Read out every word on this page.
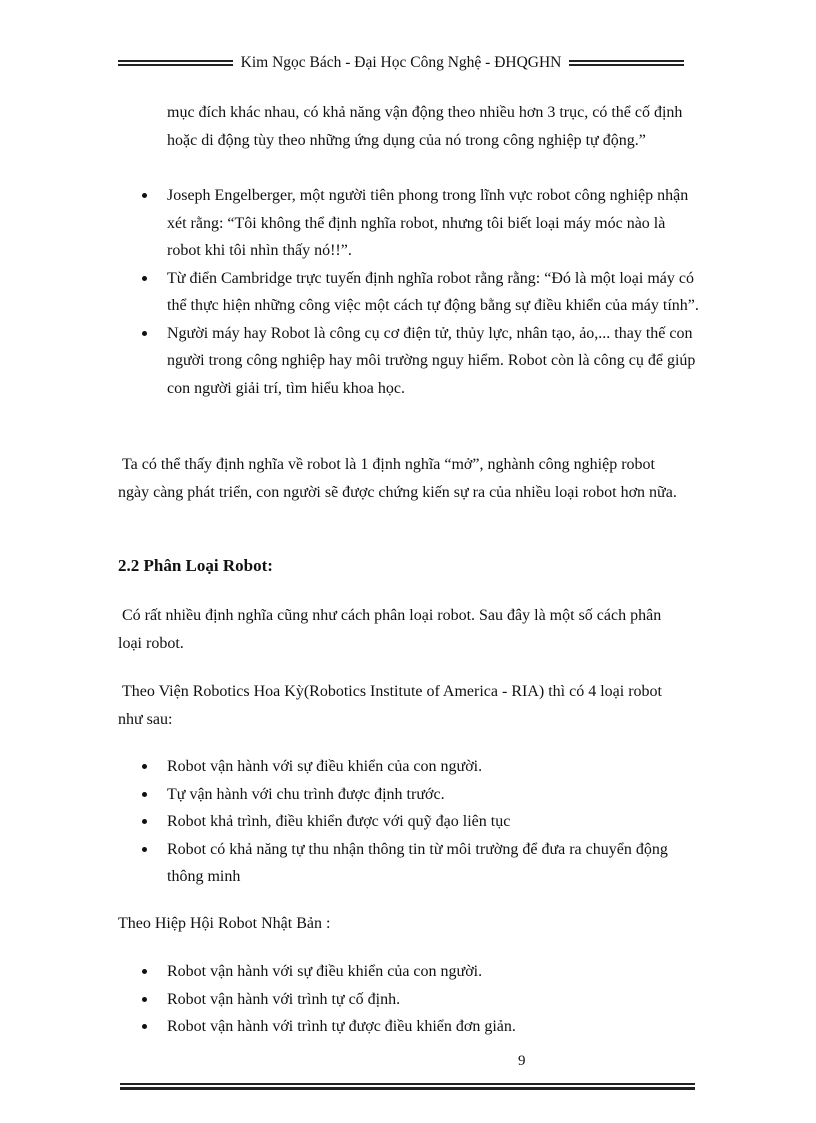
Kim Ngọc Bách - Đại Học Công Nghệ - ĐHQGHN

mục đích khác nhau, có khả năng vận động theo nhiều hơn 3 trục, có thể cố định hoặc di động tùy theo những ứng dụng của nó trong công nghiệp tự động.”

Joseph Engelberger, một người tiên phong trong lĩnh vực robot công nghiệp nhận xét rằng: “Tôi không thể định nghĩa robot, nhưng tôi biết loại máy móc nào là robot khi tôi nhìn thấy nó!!”.
Từ điển Cambridge trực tuyến định nghĩa robot rằng rằng: “Đó là một loại máy có thể thực hiện những công việc một cách tự động bằng sự điều khiển của máy tính”.
Người máy hay Robot là công cụ cơ điện tử, thủy lực, nhân tạo, ảo,... thay thế con người trong công nghiệp hay môi trường nguy hiểm. Robot còn là công cụ để giúp con người giải trí, tìm hiểu khoa học.

Ta có thể thấy định nghĩa về robot là 1 định nghĩa “mở”, nghành công nghiệp robot ngày càng phát triển, con người sẽ được chứng kiến sự ra của nhiều loại robot hơn nữa.

2.2 Phân Loại Robot:

Có rất nhiều định nghĩa cũng như cách phân loại robot. Sau đây là một số cách phân loại robot.

Theo Viện Robotics Hoa Kỳ(Robotics Institute of America - RIA) thì có 4 loại robot như sau:

Robot vận hành với sự điều khiển của con người.
Tự vận hành với chu trình được định trước.
Robot khả trình, điều khiển được với quỹ đạo liên tục
Robot có khả năng tự thu nhận thông tin từ môi trường để đưa ra chuyển động thông minh

Theo Hiệp Hội Robot Nhật Bản :

Robot vận hành với sự điều khiển của con người.
Robot vận hành với trình tự cố định.
Robot vận hành với trình tự được điều khiển đơn giản.
9
